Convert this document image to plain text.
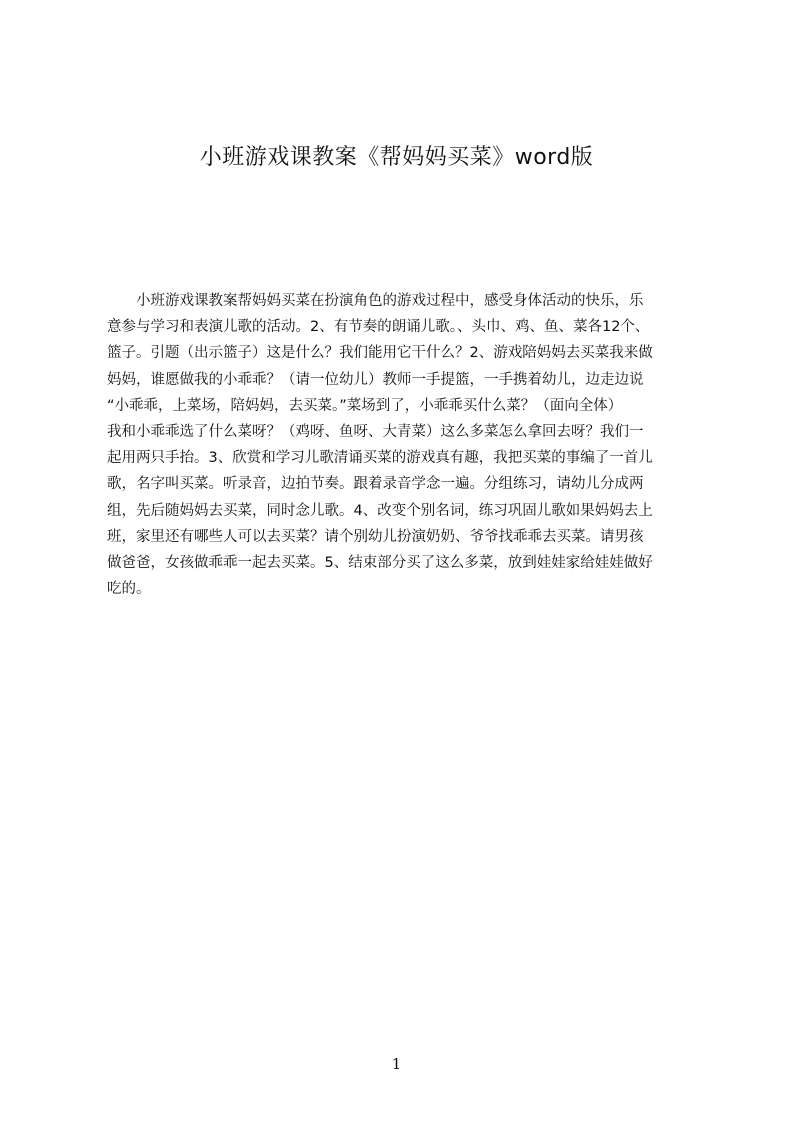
小班游戏课教案《帮妈妈买菜》word版
　　小班游戏课教案帮妈妈买菜在扮演角色的游戏过程中，感受身体活动的快乐，乐
意参与学习和表演儿歌的活动。2、有节奏的朗诵儿歌。、头巾、鸡、鱼、菜各12个、
篮子。引题（出示篮子）这是什么？我们能用它干什么？2、游戏陪妈妈去买菜我来做
妈妈，谁愿做我的小乖乖？（请一位幼儿）教师一手提篮，一手携着幼儿，边走边说
“小乖乖，上菜场，陪妈妈，去买菜。”菜场到了，小乖乖买什么菜？（面向全体）
我和小乖乖选了什么菜呀？（鸡呀、鱼呀、大青菜）这么多菜怎么拿回去呀？我们一
起用两只手抬。3、欣赏和学习儿歌清诵买菜的游戏真有趣，我把买菜的事编了一首儿
歌，名字叫买菜。听录音，边拍节奏。跟着录音学念一遍。分组练习，请幼儿分成两
组，先后随妈妈去买菜，同时念儿歌。4、改变个别名词，练习巩固儿歌如果妈妈去上
班，家里还有哪些人可以去买菜？请个别幼儿扮演奶奶、爷爷找乖乖去买菜。请男孩
做爸爸，女孩做乖乖一起去买菜。5、结束部分买了这么多菜，放到娃娃家给娃娃做好
吃的。
1
